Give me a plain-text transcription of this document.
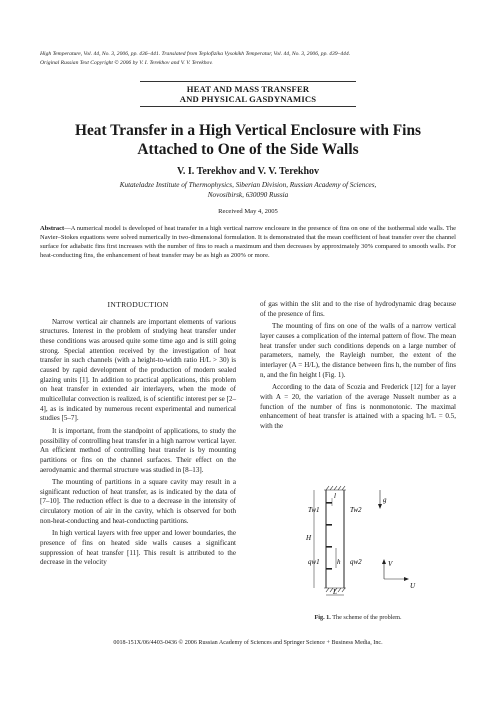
High Temperature, Vol. 44, No. 3, 2006, pp. 436–441. Translated from Teplofizika Vysokikh Temperatur, Vol. 44, No. 3, 2006, pp. 439–444.
Original Russian Text Copyright © 2006 by V. I. Terekhov and V. V. Terekhov.
HEAT AND MASS TRANSFER
AND PHYSICAL GASDYNAMICS
Heat Transfer in a High Vertical Enclosure with Fins
Attached to One of the Side Walls
V. I. Terekhov and V. V. Terekhov
Kutateladze Institute of Thermophysics, Siberian Division, Russian Academy of Sciences,
Novosibirsk, 630090 Russia
Received May 4, 2005
Abstract—A numerical model is developed of heat transfer in a high vertical narrow enclosure in the presence of fins on one of the isothermal side walls. The Navier–Stokes equations were solved numerically in two-dimensional formulation. It is demonstrated that the mean coefficient of heat transfer over the channel surface for adiabatic fins first increases with the number of fins to reach a maximum and then decreases by approximately 30% compared to smooth walls. For heat-conducting fins, the enhancement of heat transfer may be as high as 200% or more.
INTRODUCTION

Narrow vertical air channels are important elements of various structures. Interest in the problem of studying heat transfer under these conditions was aroused quite some time ago and is still going strong. Special attention received by the investigation of heat transfer in such channels (with a height-to-width ratio H/L > 30) is caused by rapid development of the production of modern sealed glazing units [1]. In addition to practical applications, this problem on heat transfer in extended air interlayers, when the mode of multicellular convection is realized, is of scientific interest per se [2–4], as is indicated by numerous recent experimental and numerical studies [5–7].

It is important, from the standpoint of applications, to study the possibility of controlling heat transfer in a high narrow vertical layer. An efficient method of controlling heat transfer is by mounting partitions or fins on the channel surfaces. Their effect on the aerodynamic and thermal structure was studied in [8–13].

The mounting of partitions in a square cavity may result in a significant reduction of heat transfer, as is indicated by the data of [7–10]. The reduction effect is due to a decrease in the intensity of circulatory motion of air in the cavity, which is observed for both non-heat-conducting and heat-conducting partitions.

In high vertical layers with free upper and lower boundaries, the presence of fins on heated side walls causes a significant suppression of heat transfer [11]. This result is attributed to the decrease in the velocity

of gas within the slit and to the rise of hydrodynamic drag because of the presence of fins.

The mounting of fins on one of the walls of a narrow vertical layer causes a complication of the internal pattern of flow. The mean heat transfer under such conditions depends on a large number of parameters, namely, the Rayleigh number, the extent of the interlayer (A = H/L), the distance between fins h, the number of fins n, and the fin height l (Fig. 1).

According to the data of Scozia and Frederick [12] for a layer with A = 20, the variation of the average Nusselt number as a function of the number of fins is nonmonotonic. The maximal enhancement of heat transfer is attained with a spacing h/L = 0.5, with the

g
Tw1	Tw2
H
l
qw1	qw2
h	V
U
L
Fig. 1. The scheme of the problem.
0018-151X/06/4403-0436 © 2006 Russian Academy of Sciences and Springer Science + Business Media, Inc.
